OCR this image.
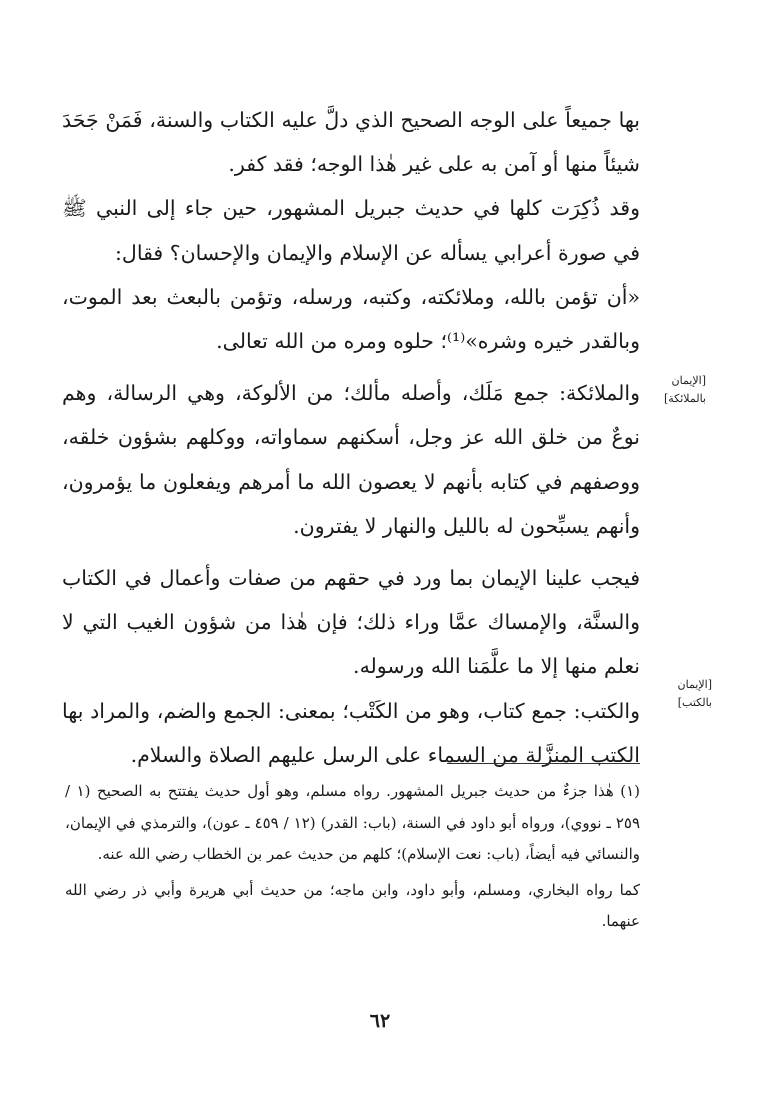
بها جميعاً على الوجه الصحيح الذي دلَّ عليه الكتاب والسنة، فَمَنْ جَحَدَ شيئاً منها أو آمن به على غير هٰذا الوجه؛ فقد كفر.

وقد ذُكِرَت كلها في حديث جبريل المشهور، حين جاء إلى النبي ﷺ في صورة أعرابي يسأله عن الإسلام والإيمان والإحسان؟ فقال:

«أن تؤمن بالله، وملائكته، وكتبه، ورسله، وتؤمن بالبعث بعد الموت، وبالقدر خيره وشره»⁽¹⁾؛ حلوه ومره من الله تعالى.

والملائكة: جمع مَلَك، وأصله مألك؛ من الألوكة، وهي الرسالة، وهم نوعٌ من خلق الله عز وجل، أسكنهم سماواته، ووكلهم بشؤون خلقه، ووصفهم في كتابه بأنهم لا يعصون الله ما أمرهم ويفعلون ما يؤمرون، وأنهم يسبِّحون له بالليل والنهار لا يفترون.

فيجب علينا الإيمان بما ورد في حقهم من صفات وأعمال في الكتاب والسنَّة، والإمساك عمَّا وراء ذلك؛ فإن هٰذا من شؤون الغيب التي لا نعلم منها إلا ما علَّمَنا الله ورسوله.

والكتب: جمع كتاب، وهو من الكَتْب؛ بمعنى: الجمع والضم، والمراد بها الكتب المنزَّلة من السماء على الرسل عليهم الصلاة والسلام.

[الإيمان بالملائكة]
[الإيمان بالكتب]

(١) هٰذا جزءٌ من حديث جبريل المشهور. رواه مسلم، وهو أول حديث يفتتح به الصحيح (١ / ٢٥٩ ـ نووي)، ورواه أبو داود في السنة، (باب: القدر) (١٢ / ٤٥٩ ـ عون)، والترمذي في الإيمان، والنسائي فيه أيضاً، (باب: نعت الإسلام)؛ كلهم من حديث عمر بن الخطاب رضي الله عنه.

كما رواه البخاري، ومسلم، وأبو داود، وابن ماجه؛ من حديث أبي هريرة وأبي ذر رضي الله عنهما.

٦٢
